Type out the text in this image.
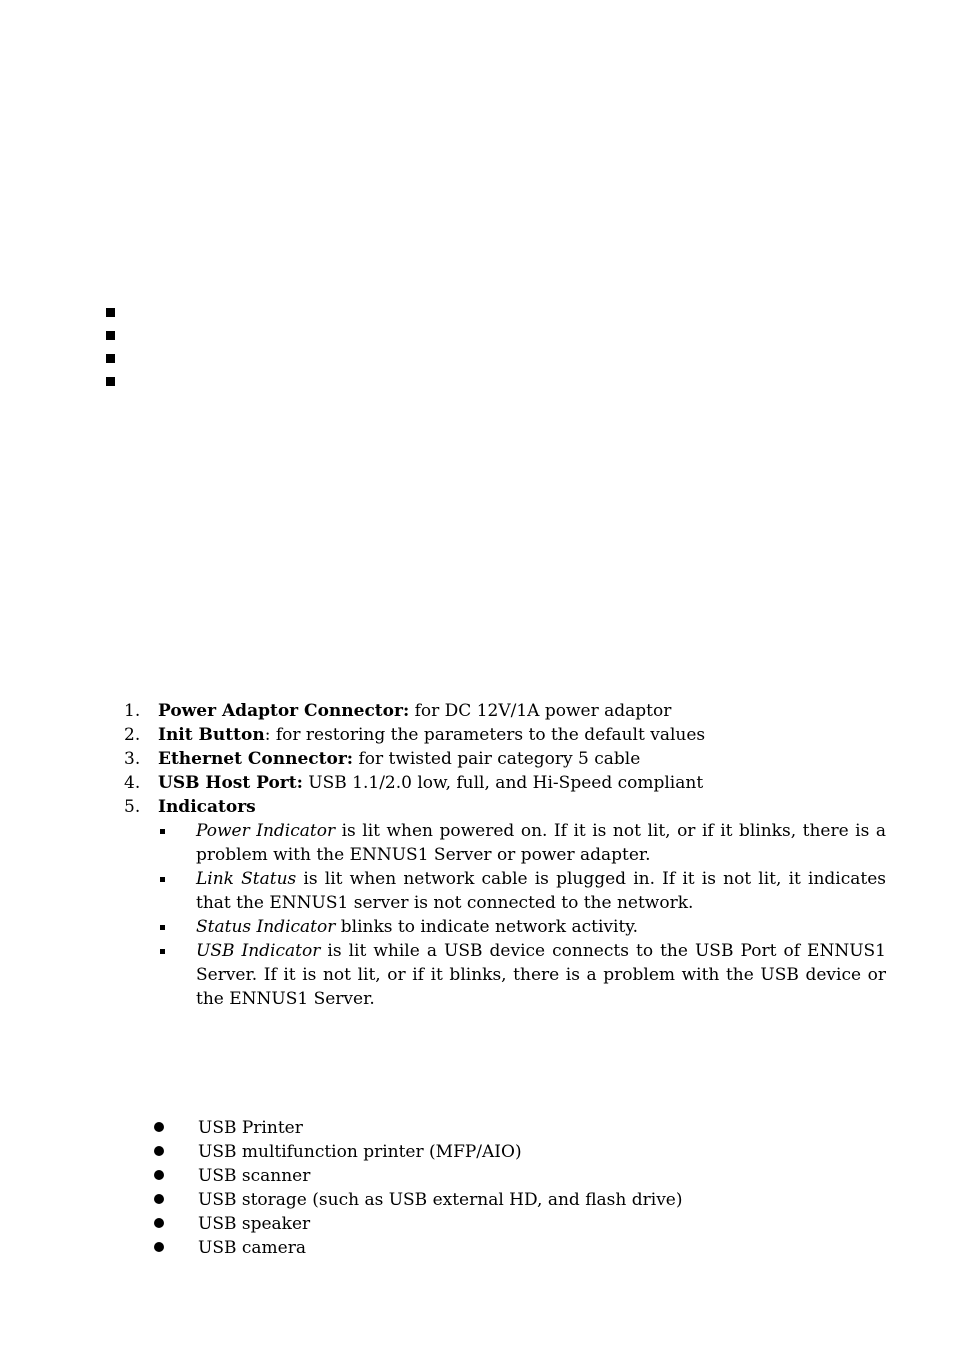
1. Power Adaptor Connector: for DC 12V/1A power adaptor
2. Init Button: for restoring the parameters to the default values
3. Ethernet Connector: for twisted pair category 5 cable
4. USB Host Port: USB 1.1/2.0 low, full, and Hi-Speed compliant
5. Indicators
Power Indicator is lit when powered on. If it is not lit, or if it blinks, there is a problem with the ENNUS1 Server or power adapter.
Link Status is lit when network cable is plugged in. If it is not lit, it indicates that the ENNUS1 server is not connected to the network.
Status Indicator blinks to indicate network activity.
USB Indicator is lit while a USB device connects to the USB Port of ENNUS1 Server. If it is not lit, or if it blinks, there is a problem with the USB device or the ENNUS1 Server.
USB Printer
USB multifunction printer (MFP/AIO)
USB scanner
USB storage (such as USB external HD, and flash drive)
USB speaker
USB camera
